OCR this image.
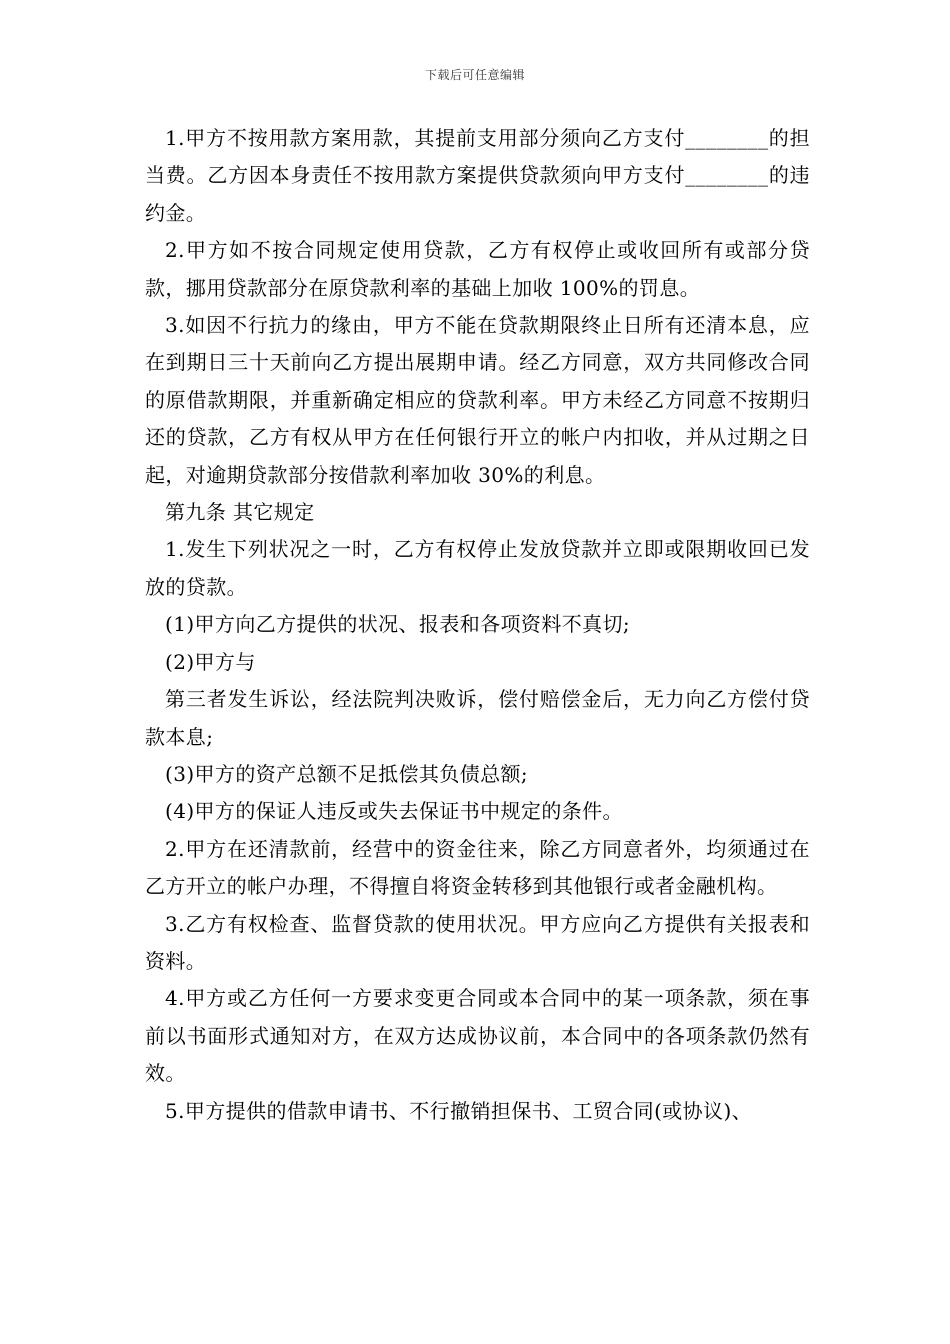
下载后可任意编辑

1.甲方不按用款方案用款，其提前支用部分须向乙方支付________的担当费。乙方因本身责任不按用款方案提供贷款须向甲方支付________的违约金。

2.甲方如不按合同规定使用贷款，乙方有权停止或收回所有或部分贷款，挪用贷款部分在原贷款利率的基础上加收 100%的罚息。

3.如因不行抗力的缘由，甲方不能在贷款期限终止日所有还清本息，应在到期日三十天前向乙方提出展期申请。经乙方同意，双方共同修改合同的原借款期限，并重新确定相应的贷款利率。甲方未经乙方同意不按期归还的贷款，乙方有权从甲方在任何银行开立的帐户内扣收，并从过期之日起，对逾期贷款部分按借款利率加收 30%的利息。

第九条 其它规定

1.发生下列状况之一时，乙方有权停止发放贷款并立即或限期收回已发放的贷款。

(1)甲方向乙方提供的状况、报表和各项资料不真切;

(2)甲方与

第三者发生诉讼，经法院判决败诉，偿付赔偿金后，无力向乙方偿付贷款本息;

(3)甲方的资产总额不足抵偿其负债总额;

(4)甲方的保证人违反或失去保证书中规定的条件。

2.甲方在还清款前，经营中的资金往来，除乙方同意者外，均须通过在乙方开立的帐户办理，不得擅自将资金转移到其他银行或者金融机构。

3.乙方有权检查、监督贷款的使用状况。甲方应向乙方提供有关报表和资料。

4.甲方或乙方任何一方要求变更合同或本合同中的某一项条款，须在事前以书面形式通知对方，在双方达成协议前，本合同中的各项条款仍然有效。

5.甲方提供的借款申请书、不行撤销担保书、工贸合同(或协议)、
